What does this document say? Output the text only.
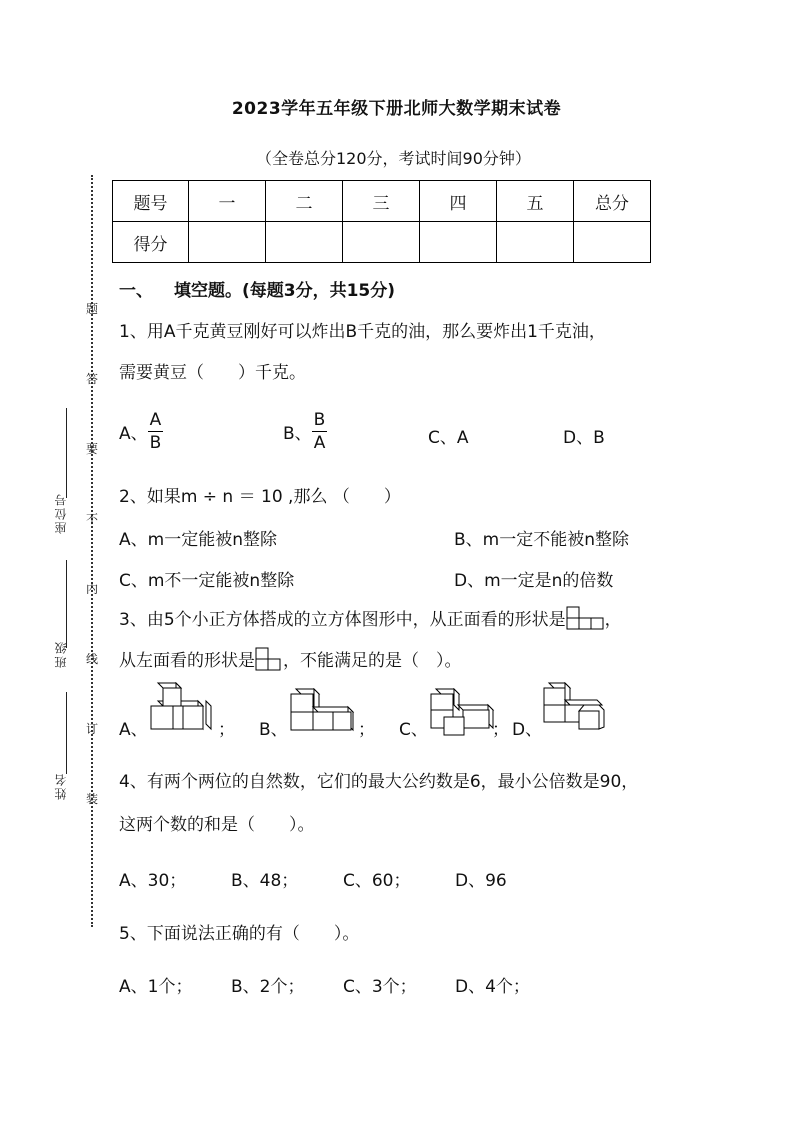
2023学年五年级下册北师大数学期末试卷
（全卷总分120分，考试时间90分钟）
题号	一	二	三	四	五	总分
得分						
题
答
要
不
内
线
订
装
座位号
班级
姓名
一、 填空题。(每题3分，共15分)
1、用A千克黄豆刚好可以炸出B千克的油，那么要炸出1千克油，
需要黄豆（　　）千克。
A、 $\frac{A}{B}$	B、 $\frac{B}{A}$	C、A	D、B
2、如果m ÷ n ＝ 10 ,那么 （　　）
A、m一定能被n整除	B、m一定不能被n整除
C、m不一定能被n整除	D、m一定是n的倍数
3、由5个小正方体搭成的立方体图形中，从正面看的形状是 ，
从左面看的形状是 ，不能满足的是（　）。
A、	； B、	； C、	； D、
4、有两个两位的自然数，它们的最大公约数是6，最小公倍数是90，
这两个数的和是（　　）。
A、30；	B、48；	C、60；	D、96
5、下面说法正确的有（　　）。
A、1个； B、2个； C、3个； D、4个；
